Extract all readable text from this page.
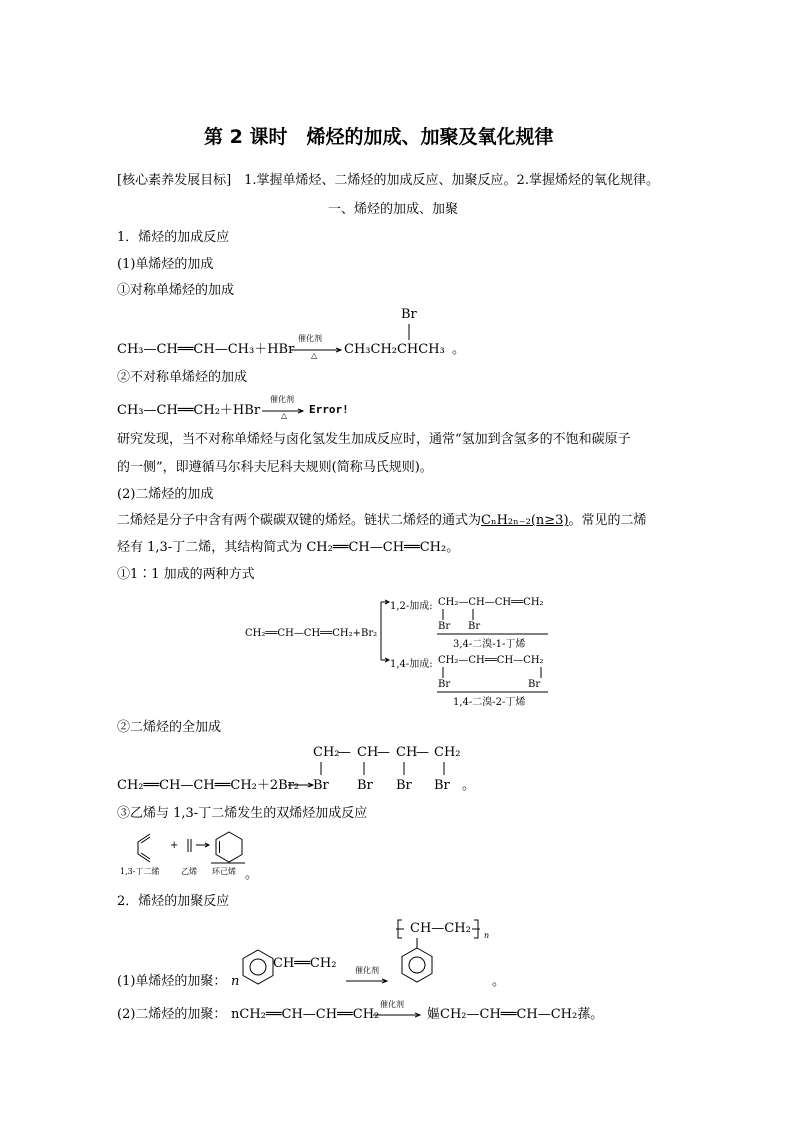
第 2 课时　烯烃的加成、加聚及氧化规律
[核心素养发展目标]　1.掌握单烯烃、二烯烃的加成反应、加聚反应。2.掌握烯烃的氧化规律。
一、烯烃的加成、加聚
1．烯烃的加成反应
(1)单烯烃的加成
①对称单烯烃的加成
CH₃—CH══CH—CH₃＋HBr
催化剂
△
Br
CH₃CH₂CHCH₃ 。
②不对称单烯烃的加成
CH₃—CH══CH₂＋HBr
催化剂
△ Error!
研究发现，当不对称单烯烃与卤化氢发生加成反应时，通常“氢加到含氢多的不饱和碳原子
的一侧”，即遵循马尔科夫尼科夫规则(简称马氏规则)。
(2)二烯烃的加成
二烯烃是分子中含有两个碳碳双键的烯烃。链状二烯烃的通式为CₙH₂ₙ₋₂(n≥3)。常见的二烯
烃有 1,3-丁二烯，其结构简式为 CH₂══CH—CH══CH₂。
①1∶1 加成的两种方式
CH₂══CH—CH══CH₂+Br₂
1,2-加成: CH₂—CH—CH══CH₂
Br Br
3,4-二溴-1-丁烯
1,4-加成: CH₂—CH══CH—CH₂
Br	Br
1,4-二溴-2-丁烯
②二烯烃的全加成
CH₂══CH—CH══CH₂＋2Br₂
CH₂
— CH
— CH
— CH₂
Br Br Br Br 。
③乙烯与 1,3-丁二烯发生的双烯烃加成反应
+
1,3-丁二烯	乙烯 环己烯 。
2．烯烃的加聚反应
(1)单烯烃的加聚： n
CH══CH₂ 催化剂
CH—CH₂ n
。
(2)二烯烃的加聚： nCH₂══CH—CH══CH₂
催化剂
嫗CH₂—CH══CH—CH₂蓀。
